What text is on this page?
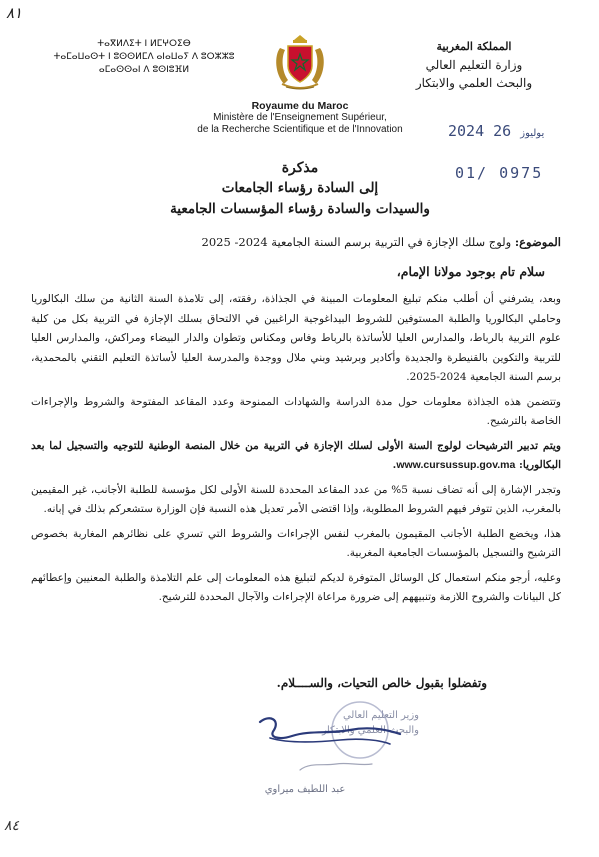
٨١
ⵜⴰⴳⵍⴷⵉⵜ ⵏ ⵍⵎⵖⵔⵉⴱ
ⵜⴰⵎⴰⵡⴰⵙⵜ ⵏ ⵓⵙⵙⵍⵎⴷ ⴰⵏⴰⵡⴰⵢ ⴷ ⵓⵔⵣⵣⵓ
ⴰⵎⴰⵙⵙⴰⵏ ⴷ ⵓⵙⵏⵓⴼⵍ
المملكة المغربية
وزارة التعليم العالي
والبحث العلمي والابتكار
Royaume du Maroc
Ministère de l'Enseignement Supérieur,
de la Recherche Scientifique et de l'Innovation	2024	يوليوز 26
01/ 0975
مذكرة
إلى السادة رؤساء الجامعات
والسيدات والسادة رؤساء المؤسسات الجامعية
الموضوع: ولوج سلك الإجازة في التربية برسم السنة الجامعية 2024- 2025
سلام تام بوجود مولانا الإمام،

وبعد، يشرفني أن أطلب منكم تبليغ المعلومات المبينة في الجذاذة، رفقته، إلى تلامذة السنة الثانية من سلك البكالوريا وحاملي البكالوريا والطلبة المستوفين للشروط البيداغوجية الراغبين في الالتحاق بسلك الإجازة في التربية بكل من كلية علوم التربية بالرباط، والمدارس العليا للأساتذة بالرباط وفاس ومكناس وتطوان والدار البيضاء ومراكش، والمدارس العليا للتربية والتكوين بالقنيطرة والجديدة وأكادير وبرشيد وبني ملال ووجدة والمدرسة العليا لأساتذة التعليم التقني بالمحمدية، برسم السنة الجامعية 2024-2025.

وتتضمن هذه الجذاذة معلومات حول مدة الدراسة والشهادات الممنوحة وعدد المقاعد المفتوحة والشروط والإجراءات الخاصة بالترشيح.

ويتم تدبير الترشيحات لولوج السنة الأولى لسلك الإجازة في التربية من خلال المنصة الوطنية للتوجيه والتسجيل لما بعد البكالوريا: www.cursussup.gov.ma.

وتجدر الإشارة إلى أنه تضاف نسبة 5% من عدد المقاعد المحددة للسنة الأولى لكل مؤسسة للطلبة الأجانب، غير المقيمين بالمغرب، الذين تتوفر فيهم الشروط المطلوبة، وإذا اقتضى الأمر تعديل هذه النسبة فإن الوزارة ستشعركم بذلك في إبانه.

هذا، ويخضع الطلبة الأجانب المقيمون بالمغرب لنفس الإجراءات والشروط التي تسري على نظائرهم المغاربة بخصوص الترشيح والتسجيل بالمؤسسات الجامعية المغربية.

وعليه، أرجو منكم استعمال كل الوسائل المتوفرة لديكم لتبليغ هذه المعلومات إلى علم التلامذة والطلبة المعنيين وإعطائهم كل البيانات والشروح اللازمة وتنبيههم إلى ضرورة مراعاة الإجراءات والآجال المحددة للترشيح.

وتفضلوا بقبول خالص التحيات، والســــلام.
وزير التعليم العالي
والبحث العلمي والابتكار
عبد اللطيف ميراوي
٨٤
